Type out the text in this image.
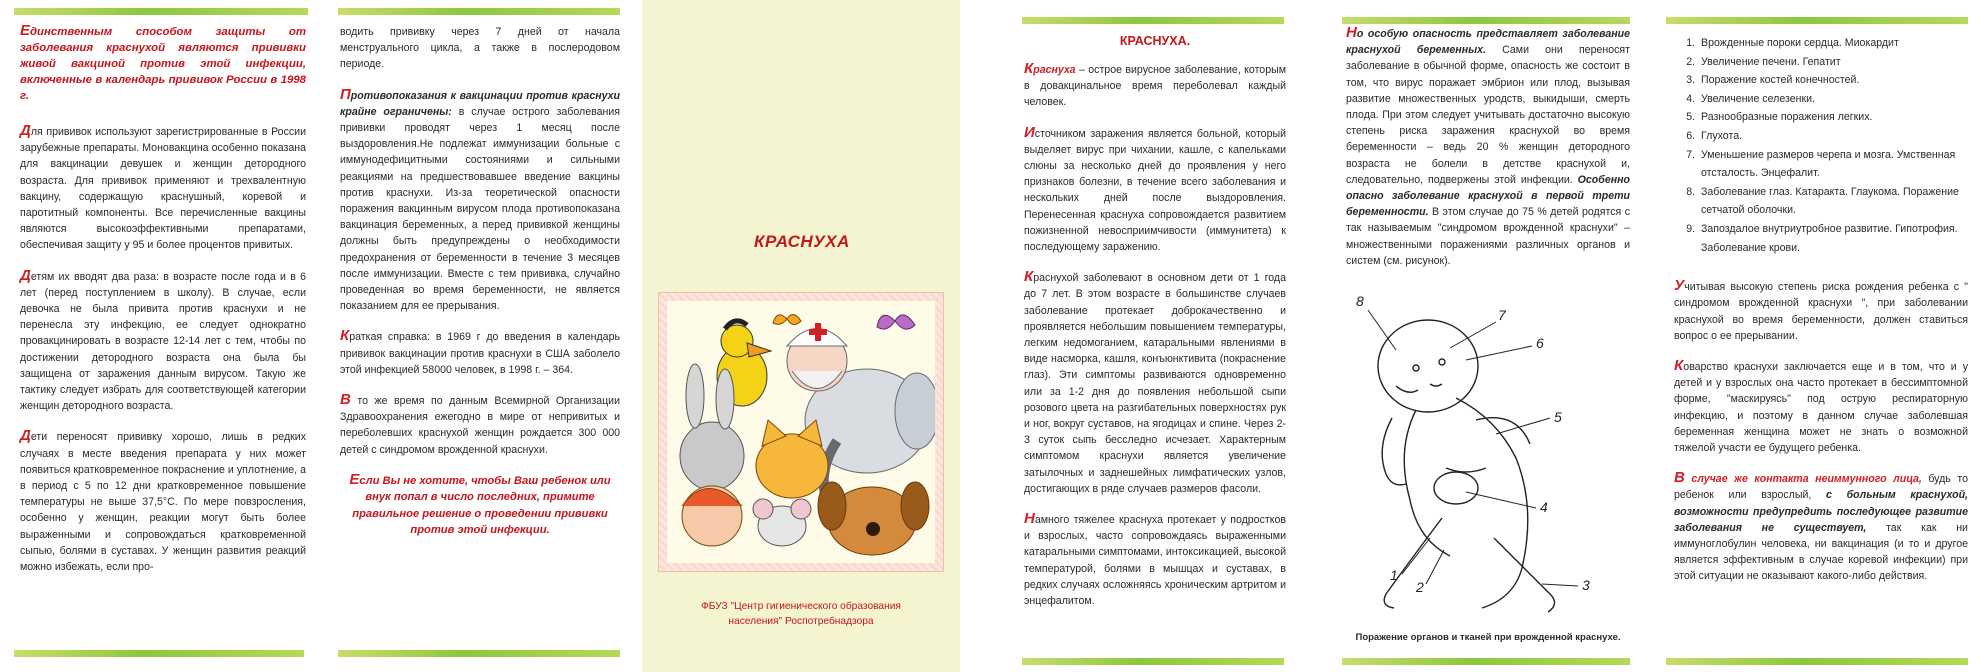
Единственным способом защиты от заболевания краснухой являются прививки живой вакциной против этой инфекции, включенные в календарь прививок России в 1998 г.

Для прививок используют зарегистрированные в России зарубежные препараты. Моновакцина особенно показана для вакцинации девушек и женщин детородного возраста. Для прививок применяют и трехвалентную вакцину, содержащую краснушный, коревой и паротитный компоненты. Все перечисленные вакцины являются высокоэффективными препаратами, обеспечивая защиту у 95 и более процентов привитых.

Детям их вводят два раза: в возрасте после года и в 6 лет (перед поступлением в школу). В случае, если девочка не была привита против краснухи и не перенесла эту инфекцию, ее следует однократно провакцинировать в возрасте 12-14 лет с тем, чтобы по достижении детородного возраста она была бы защищена от заражения данным вирусом. Такую же тактику следует избрать для соответствующей категории женщин детородного возраста.

Дети переносят прививку хорошо, лишь в редких случаях в месте введения препарата у них может появиться кратковременное покраснение и уплотнение, а в период с 5 по 12 дни кратковременное повышение температуры не выше 37,5°С. По мере повзросления, особенно у женщин, реакции могут быть более выраженными и сопровождаться кратковременной сыпью, болями в суставах. У женщин развития реакций можно избежать, если про-

водить прививку через 7 дней от начала менструального цикла, а также в послеродовом периоде.

Противопоказания к вакцинации против краснухи крайне ограничены: в случае острого заболевания прививки проводят через 1 месяц после выздоровления.Не подлежат иммунизации больные с иммунодефицитными состояниями и сильными реакциями на предшествовавшее введение вакцины против краснухи. Из-за теоретической опасности поражения вакцинным вирусом плода противопоказана вакцинация беременных, а перед прививкой женщины должны быть предупреждены о необходимости предохранения от беременности в течение 3 месяцев после иммунизации. Вместе с тем прививка, случайно проведенная во время беременности, не является показанием для ее прерывания.

Краткая справка: в 1969 г до введения в календарь прививок вакцинации против краснухи в США заболело этой инфекцией 58000 человек, в 1998 г. – 364.

В то же время по данным Всемирной Организации Здравоохранения ежегодно в мире от непривитых и переболевших краснухой женщин рождается 300 000 детей с синдромом врожденной краснухи.

Если Вы не хотите, чтобы Ваш ребенок или внук попал в число последних, примите правильное решение о проведении прививки против этой инфекции.

КРАСНУХА
ФБУЗ "Центр гигиенического образования
населения" Роспотребнадзора
КРАСНУХА.

Краснуха – острое вирусное заболевание, которым в довакцинальное время переболевал каждый человек.

Источником заражения является больной, который выделяет вирус при чихании, кашле, с капельками слюны за несколько дней до проявления у него признаков болезни, в течение всего заболевания и нескольких дней после выздоровления. Перенесенная краснуха сопровождается развитием пожизненной невосприимчивости (иммунитета) к последующему заражению.

Краснухой заболевают в основном дети от 1 года до 7 лет. В этом возрасте в большинстве случаев заболевание протекает доброкачественно и проявляется небольшим повышением температуры, легким недомоганием, катаральными явлениями в виде насморка, кашля, конъюнктивита (покраснение глаз). Эти симптомы развиваются одновременно или за 1-2 дня до появления небольшой сыпи розового цвета на разгибательных поверхностях рук и ног, вокруг суставов, на ягодицах и спине. Через 2-3 суток сыпь бесследно исчезает. Характерным симптомом краснухи является увеличение затылочных и заднешейных лимфатических узлов, достигающих в ряде случаев размеров фасоли.

Намного тяжелее краснуха протекает у подростков и взрослых, часто сопровождаясь выраженными катаральными симптомами, интоксикацией, высокой температурой, болями в мышцах и суставах, в редких случаях осложняясь хроническим артритом и энцефалитом.

Но особую опасность представляет заболевание краснухой беременных. Сами они переносят заболевание в обычной форме, опасность же состоит в том, что вирус поражает эмбрион или плод, вызывая развитие множественных уродств, выкидыши, смерть плода. При этом следует учитывать достаточно высокую степень риска заражения краснухой во время беременности – ведь 20 % женщин детородного возраста не болели в детстве краснухой и, следовательно, подвержены этой инфекции. Особенно опасно заболевание краснухой в первой трети беременности. В этом случае до 75 % детей родятся с так называемым "синдромом врожденной краснухи" – множественными поражениями различных органов и систем (см. рисунок).

8
7
6
5
4
1
2	3
Поражение органов и тканей при врожденной краснухе.
1. Врожденные пороки сердца. Миокардит
2. Увеличение печени. Гепатит
3. Поражение костей конечностей.
4. Увеличение селезенки.
5. Разнообразные поражения легких.
6. Глухота.
7. Уменьшение размеров черепа и мозга. Умственная отсталость. Энцефалит.
8. Заболевание глаз. Катаракта. Глаукома. Поражение сетчатой оболочки.
9. Запоздалое внутриутробное развитие. Гипотрофия. Заболевание крови.

Учитывая высокую степень риска рождения ребенка с " синдромом врожденной краснухи ", при заболевании краснухой во время беременности, должен ставиться вопрос о ее прерывании.

Коварство краснухи заключается еще и в том, что и у детей и у взрослых она часто протекает в бессимптомной форме, "маскируясь" под острую респираторную инфекцию, и поэтому в данном случае заболевшая беременная женщина может не знать о возможной тяжелой участи ее будущего ребенка.

В случае же контакта неиммунного лица, будь то ребенок или взрослый, с больным краснухой, возможности предупредить последующее развитие заболевания не существует, так как ни иммуноглобулин человека, ни вакцинация (и то и другое является эффективным в случае коревой инфекции) при этой ситуации не оказывают какого-либо действия.
